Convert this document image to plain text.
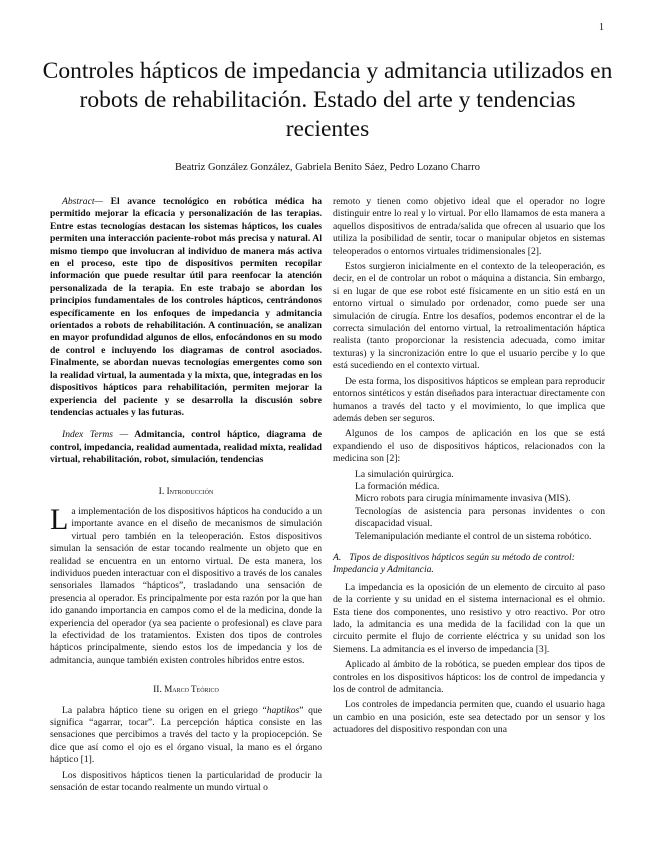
1
Controles hápticos de impedancia y admitancia utilizados en robots de rehabilitación. Estado del arte y tendencias recientes
Beatriz González González, Gabriela Benito Sáez, Pedro Lozano Charro

Abstract— El avance tecnológico en robótica médica ha permitido mejorar la eficacia y personalización de las terapias. Entre estas tecnologías destacan los sistemas hápticos, los cuales permiten una interacción paciente-robot más precisa y natural. Al mismo tiempo que involucran al individuo de manera más activa en el proceso, este tipo de dispositivos permiten recopilar información que puede resultar útil para reenfocar la atención personalizada de la terapia. En este trabajo se abordan los principios fundamentales de los controles hápticos, centrándonos específicamente en los enfoques de impedancia y admitancia orientados a robots de rehabilitación. A continuación, se analizan en mayor profundidad algunos de ellos, enfocándonos en su modo de control e incluyendo los diagramas de control asociados. Finalmente, se abordan nuevas tecnologías emergentes como son la realidad virtual, la aumentada y la mixta, que, integradas en los dispositivos hápticos para rehabilitación, permiten mejorar la experiencia del paciente y se desarrolla la discusión sobre tendencias actuales y las futuras.

Index Terms — Admitancia, control háptico, diagrama de control, impedancia, realidad aumentada, realidad mixta, realidad virtual, rehabilitación, robot, simulación, tendencias

I. Introducción

La implementación de los dispositivos hápticos ha conducido a un importante avance en el diseño de mecanismos de simulación virtual pero también en la teleoperación. Estos dispositivos simulan la sensación de estar tocando realmente un objeto que en realidad se encuentra en un entorno virtual. De esta manera, los individuos pueden interactuar con el dispositivo a través de los canales sensoriales llamados “hápticos”, trasladando una sensación de presencia al operador. Es principalmente por esta razón por la que han ido ganando importancia en campos como el de la medicina, donde la experiencia del operador (ya sea paciente o profesional) es clave para la efectividad de los tratamientos. Existen dos tipos de controles hápticos principalmente, siendo estos los de impedancia y los de admitancia, aunque también existen controles híbridos entre estos.

II. Marco Teórico

La palabra háptico tiene su origen en el griego “haptikos” que significa “agarrar, tocar”. La percepción háptica consiste en las sensaciones que percibimos a través del tacto y la propiocepción. Se dice que así como el ojo es el órgano visual, la mano es el órgano háptico [1].

Los dispositivos hápticos tienen la particularidad de producir la sensación de estar tocando realmente un mundo virtual o

remoto y tienen como objetivo ideal que el operador no logre distinguir entre lo real y lo virtual. Por ello llamamos de esta manera a aquellos dispositivos de entrada/salida que ofrecen al usuario que los utiliza la posibilidad de sentir, tocar o manipular objetos en sistemas teleoperados o entornos virtuales tridimensionales [2].

Estos surgieron inicialmente en el contexto de la teleoperación, es decir, en el de controlar un robot o máquina a distancia. Sin embargo, si en lugar de que ese robot esté físicamente en un sitio está en un entorno virtual o simulado por ordenador, como puede ser una simulación de cirugía. Entre los desafíos, podemos encontrar el de la correcta simulación del entorno virtual, la retroalimentación háptica realista (tanto proporcionar la resistencia adecuada, como imitar texturas) y la sincronización entre lo que el usuario percibe y lo que está sucediendo en el contexto virtual.

De esta forma, los dispositivos hápticos se emplean para reproducir entornos sintéticos y están diseñados para interactuar directamente con humanos a través del tacto y el movimiento, lo que implica que además deben ser seguros.

Algunos de los campos de aplicación en los que se está expandiendo el uso de dispositivos hápticos, relacionados con la medicina son [2]:

La simulación quirúrgica.
La formación médica.
Micro robots para cirugía mínimamente invasiva (MIS).
Tecnologías de asistencia para personas invidentes o con discapacidad visual.
Telemanipulación mediante el control de un sistema robótico.

A. Tipos de dispositivos hápticos según su método de control: Impedancia y Admitancia.

La impedancia es la oposición de un elemento de circuito al paso de la corriente y su unidad en el sistema internacional es el ohmio. Esta tiene dos componentes, uno resistivo y otro reactivo. Por otro lado, la admitancia es una medida de la facilidad con la que un circuito permite el flujo de corriente eléctrica y su unidad son los Siemens. La admitancia es el inverso de impedancia [3].

Aplicado al ámbito de la robótica, se pueden emplear dos tipos de controles en los dispositivos hápticos: los de control de impedancia y los de control de admitancia.

Los controles de impedancia permiten que, cuando el usuario haga un cambio en una posición, este sea detectado por un sensor y los actuadores del dispositivo respondan con una
